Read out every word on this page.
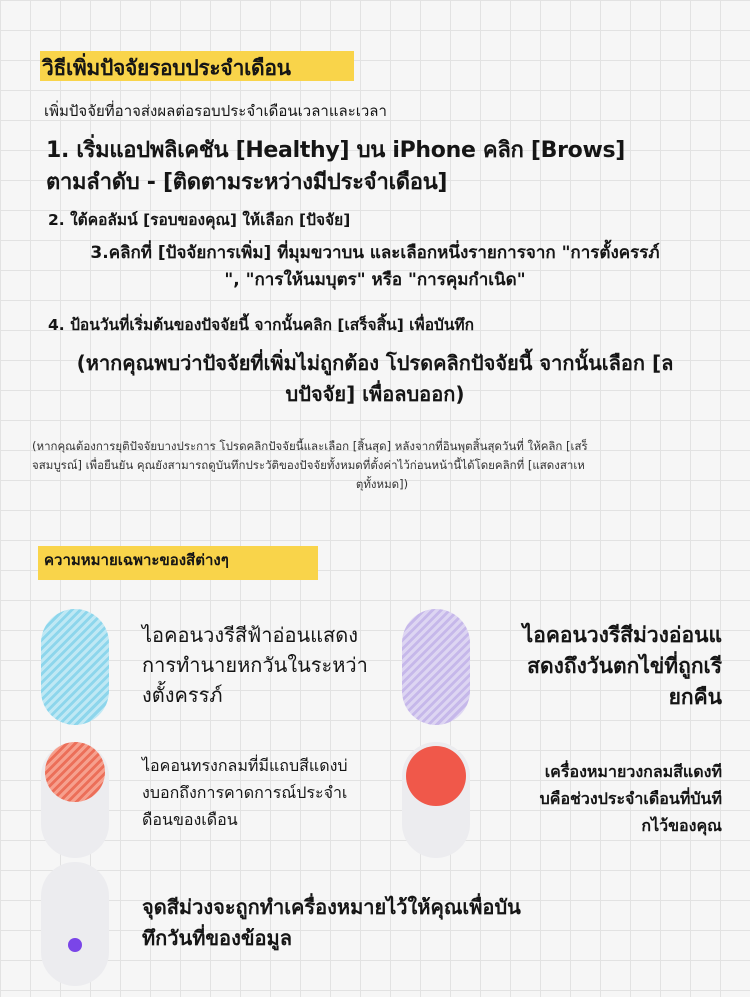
วิธีเพิ่มปัจจัยรอบประจำเดือน
เพิ่มปัจจัยที่อาจส่งผลต่อรอบประจำเดือนเวลาและเวลา
1. เริ่มแอปพลิเคชัน [Healthy] บน iPhone คลิก [Brows]
ตามลำดับ - [ติดตามระหว่างมีประจำเดือน]
2. ใต้คอลัมน์ [รอบของคุณ] ให้เลือก [ปัจจัย]
3.คลิกที่ [ปัจจัยการเพิ่ม] ที่มุมขวาบน และเลือกหนึ่งรายการจาก "การตั้งครรภ์
", "การให้นมบุตร" หรือ "การคุมกำเนิด"
4. ป้อนวันที่เริ่มต้นของปัจจัยนี้ จากนั้นคลิก [เสร็จสิ้น] เพื่อบันทึก
(หากคุณพบว่าปัจจัยที่เพิ่มไม่ถูกต้อง โปรดคลิกปัจจัยนี้ จากนั้นเลือก [ล
บปัจจัย] เพื่อลบออก)
(หากคุณต้องการยุติปัจจัยบางประการ โปรดคลิกปัจจัยนี้และเลือก [สิ้นสุด] หลังจากที่อินพุตสิ้นสุดวันที่ ให้คลิก [เสร็
จสมบูรณ์] เพื่อยืนยัน คุณยังสามารถดูบันทึกประวัติของปัจจัยทั้งหมดที่ตั้งค่าไว้ก่อนหน้านี้ได้โดยคลิกที่ [แสดงสาเห
ตุทั้งหมด])
ความหมายเฉพาะของสีต่างๆ
ไอคอนวงรีสีฟ้าอ่อนแสดง
การทำนายหกวันในระหว่า
งตั้งครรภ์
ไอคอนวงรีสีม่วงอ่อนแ
สดงถึงวันตกไข่ที่ถูกเรี
ยกคืน
ไอคอนทรงกลมที่มีแถบสีแดงบ่
งบอกถึงการคาดการณ์ประจำเ
ดือนของเดือน
เครื่องหมายวงกลมสีแดงที
บคือช่วงประจำเดือนที่บันที
กไว้ของคุณ
จุดสีม่วงจะถูกทำเครื่องหมายไว้ให้คุณเพื่อบัน
ทึกวันที่ของข้อมูล
